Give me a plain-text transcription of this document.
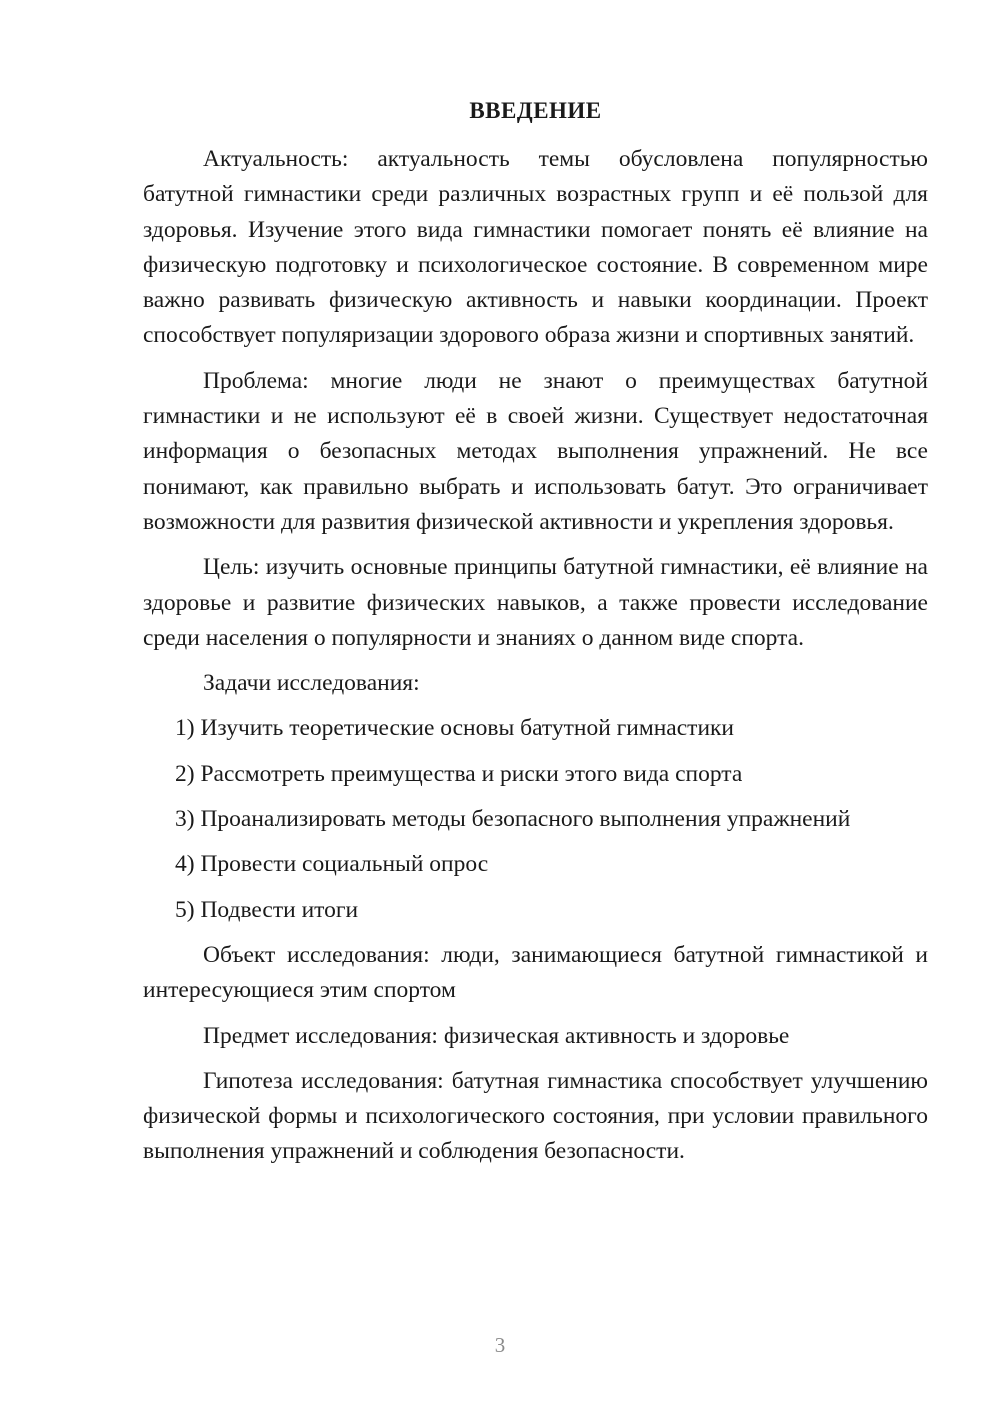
ВВЕДЕНИЕ

Актуальность: актуальность темы обусловлена популярностью батутной гимнастики среди различных возрастных групп и её пользой для здоровья. Изучение этого вида гимнастики помогает понять её влияние на физическую подготовку и психологическое состояние. В современном мире важно развивать физическую активность и навыки координации. Проект способствует популяризации здорового образа жизни и спортивных занятий.

Проблема: многие люди не знают о преимуществах батутной гимнастики и не используют её в своей жизни. Существует недостаточная информация о безопасных методах выполнения упражнений. Не все понимают, как правильно выбрать и использовать батут. Это ограничивает возможности для развития физической активности и укрепления здоровья.

Цель: изучить основные принципы батутной гимнастики, её влияние на здоровье и развитие физических навыков, а также провести исследование среди населения о популярности и знаниях о данном виде спорта.

Задачи исследования:

1) Изучить теоретические основы батутной гимнастики
2) Рассмотреть преимущества и риски этого вида спорта
3) Проанализировать методы безопасного выполнения упражнений
4) Провести социальный опрос
5) Подвести итоги

Объект исследования: люди, занимающиеся батутной гимнастикой и интересующиеся этим спортом

Предмет исследования: физическая активность и здоровье

Гипотеза исследования: батутная гимнастика способствует улучшению физической формы и психологического состояния, при условии правильного выполнения упражнений и соблюдения безопасности.

3
